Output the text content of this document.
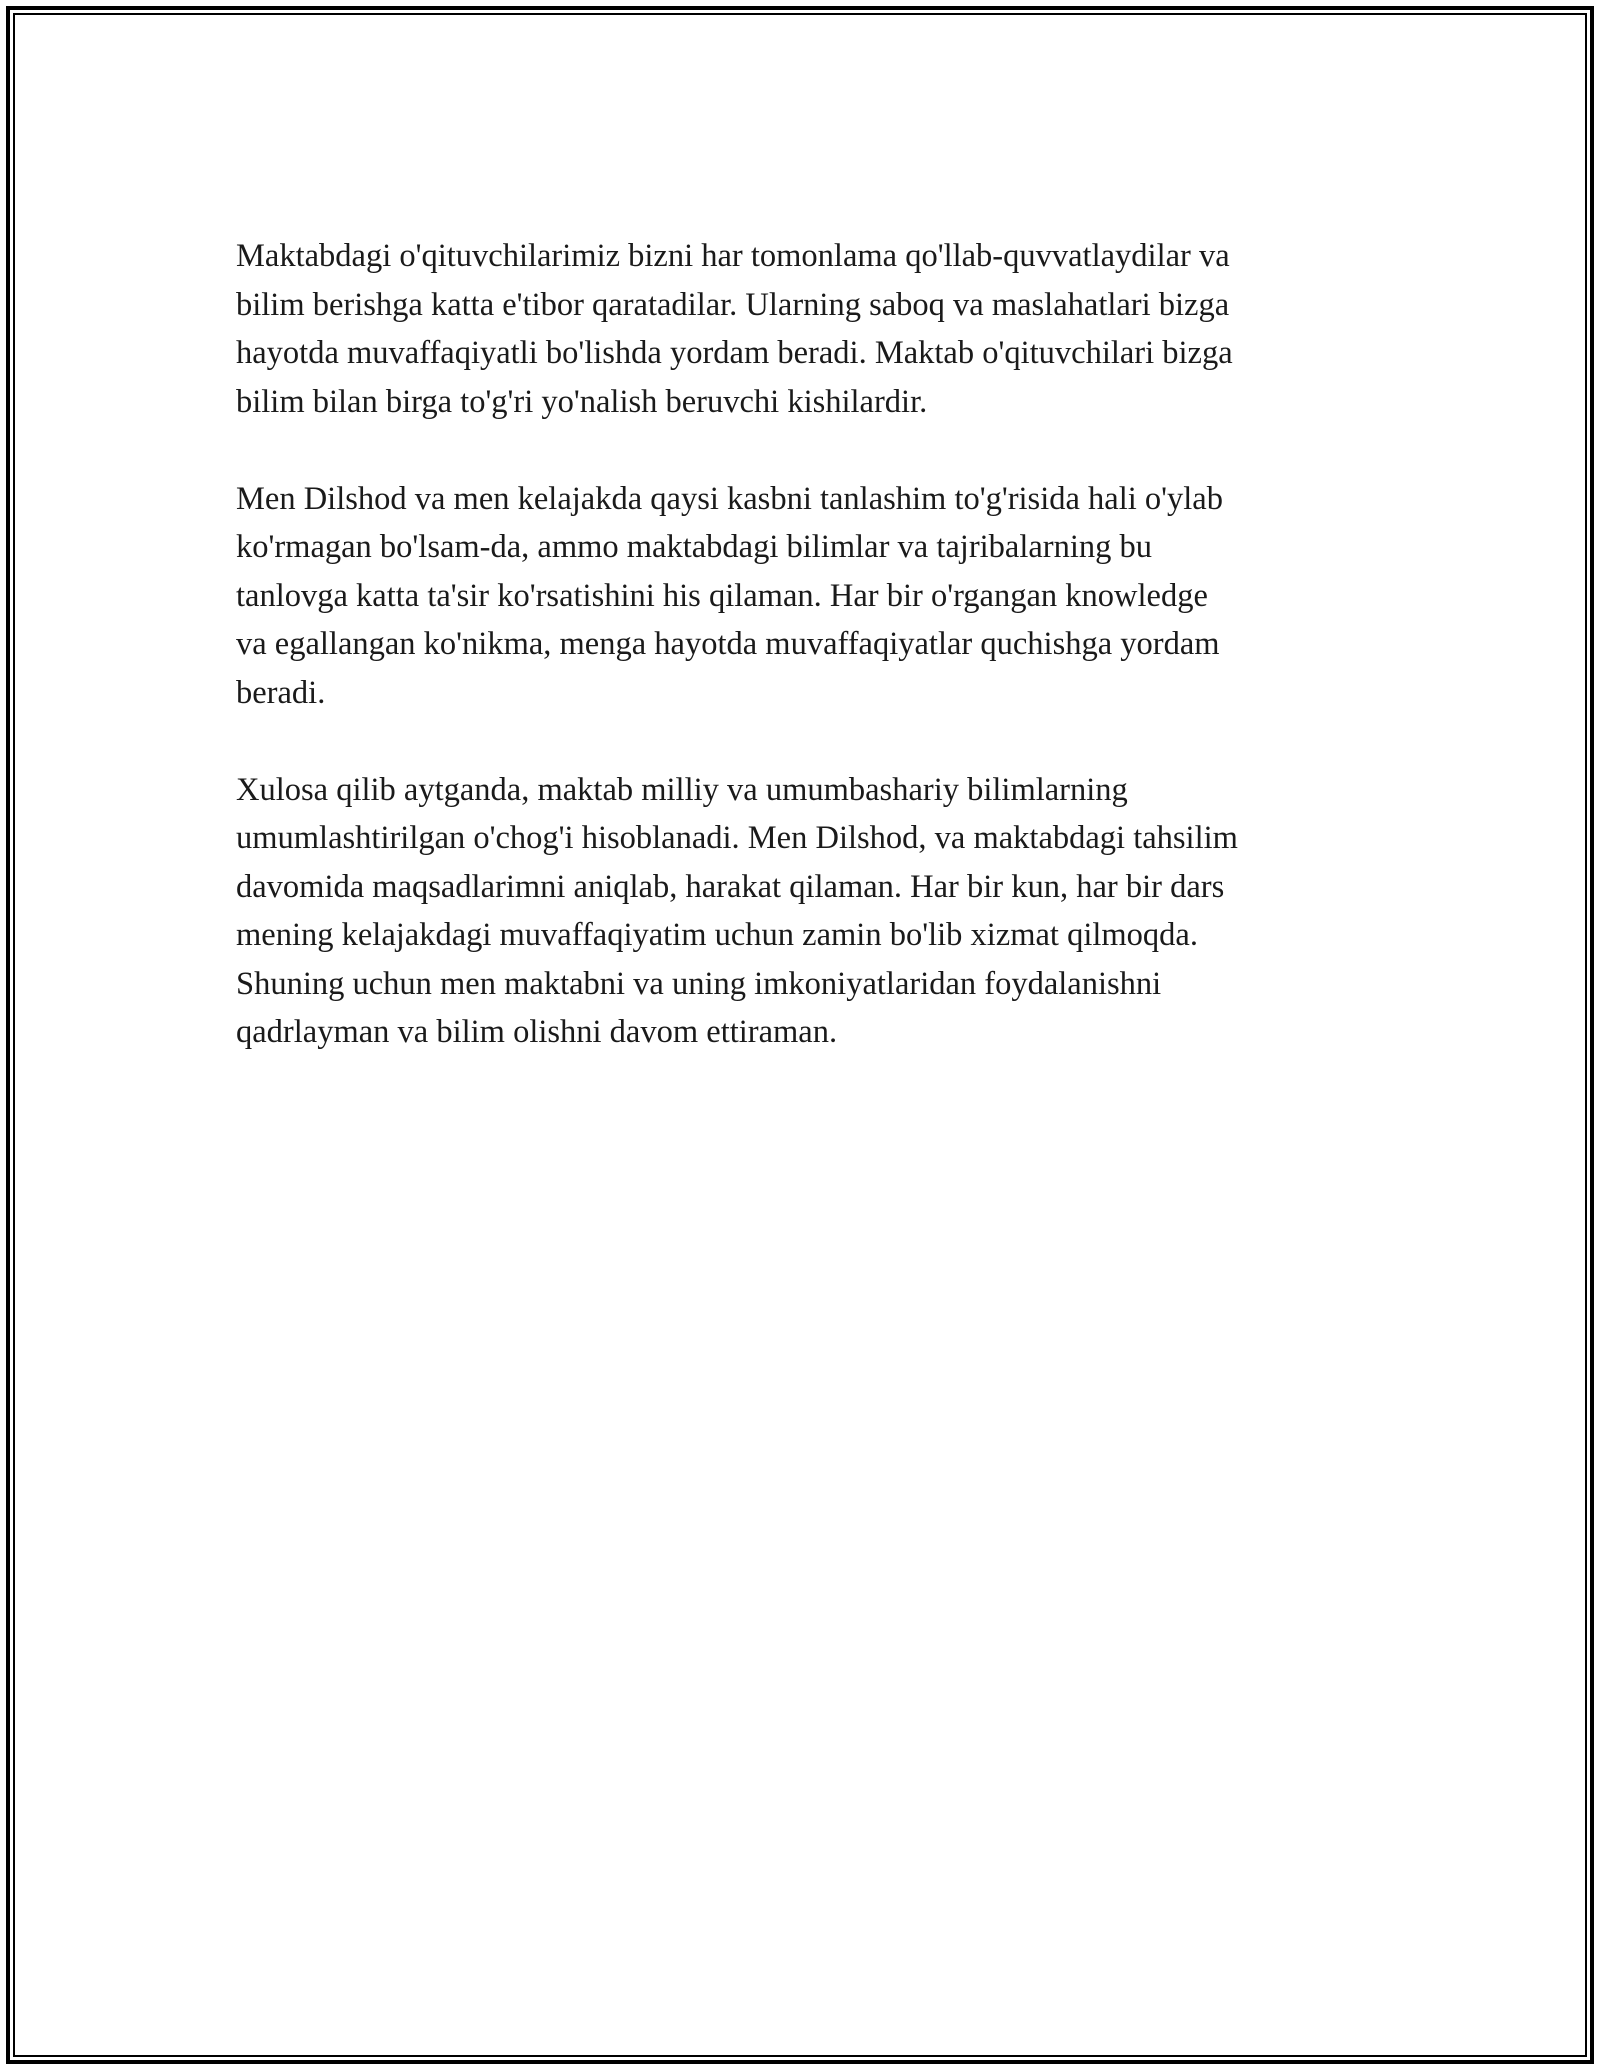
Maktabdagi o'qituvchilarimiz bizni har tomonlama qo'llab-quvvatlaydilar va
bilim berishga katta e'tibor qaratadilar. Ularning saboq va maslahatlari bizga
hayotda muvaffaqiyatli bo'lishda yordam beradi. Maktab o'qituvchilari bizga
bilim bilan birga to'g'ri yo'nalish beruvchi kishilardir.

Men Dilshod va men kelajakda qaysi kasbni tanlashim to'g'risida hali o'ylab
ko'rmagan bo'lsam-da, ammo maktabdagi bilimlar va tajribalarning bu
tanlovga katta ta'sir ko'rsatishini his qilaman. Har bir o'rgangan knowledge
va egallangan ko'nikma, menga hayotda muvaffaqiyatlar quchishga yordam
beradi.

Xulosa qilib aytganda, maktab milliy va umumbashariy bilimlarning
umumlashtirilgan o'chog'i hisoblanadi. Men Dilshod, va maktabdagi tahsilim
davomida maqsadlarimni aniqlab, harakat qilaman. Har bir kun, har bir dars
mening kelajakdagi muvaffaqiyatim uchun zamin bo'lib xizmat qilmoqda.
Shuning uchun men maktabni va uning imkoniyatlaridan foydalanishni
qadrlayman va bilim olishni davom ettiraman.
